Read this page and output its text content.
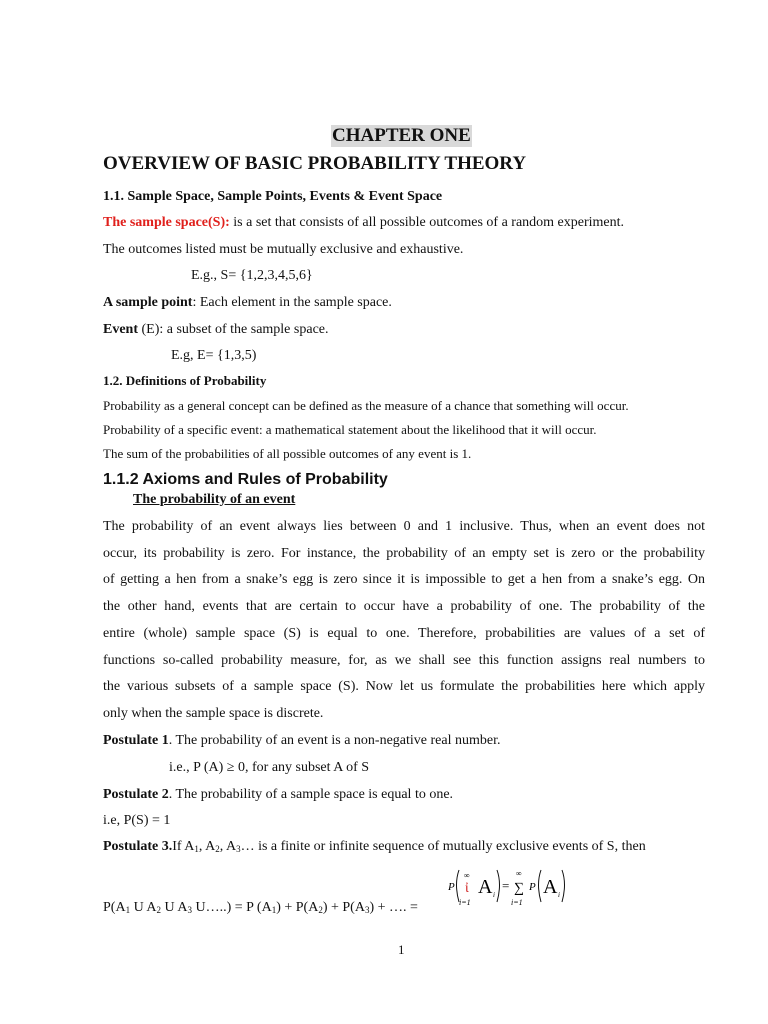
CHAPTER ONE
OVERVIEW OF BASIC PROBABILITY THEORY
1.1. Sample Space, Sample Points, Events & Event Space
The sample space(S): is a set that consists of all possible outcomes of a random experiment.
The outcomes listed must be mutually exclusive and exhaustive.
E.g., S= {1,2,3,4,5,6}
A sample point: Each element in the sample space.
Event (E): a subset of the sample space.
E.g, E= {1,3,5)
1.2. Definitions of Probability
Probability as a general concept can be defined as the measure of a chance that something will occur.
Probability of a specific event: a mathematical statement about the likelihood that it will occur.
The sum of the probabilities of all possible outcomes of any event is 1.
1.1.2 Axioms and Rules of Probability
The probability of an event
The probability of an event always lies between 0 and 1 inclusive. Thus, when an event does not
occur, its probability is zero. For instance, the probability of an empty set is zero or the probability
of getting a hen from a snake’s egg is zero since it is impossible to get a hen from a snake’s egg. On
the other hand, events that are certain to occur have a probability of one. The probability of the
entire (whole) sample space (S) is equal to one. Therefore, probabilities are values of a set of
functions so-called probability measure, for, as we shall see this function assigns real numbers to
the various subsets of a sample space (S). Now let us formulate the probabilities here which apply
only when the sample space is discrete.
Postulate 1. The probability of an event is a non-negative real number.
i.e., P (A) ≥ 0, for any subset A of S
Postulate 2. The probability of a sample space is equal to one.
i.e, P(S) = 1
Postulate 3.If $A_1$, $A_2$, $A_3\dots$ is a finite or infinite sequence of mutually exclusive events of S, then
$P(A_1$ U $A_2$ U $A_3$ U…..) = P $(A_1) + P(A_2) + P(A_3)$ + …. =
P ἰ
∞
i=1
A i
= ∑
∞
i=1
P A i
1
